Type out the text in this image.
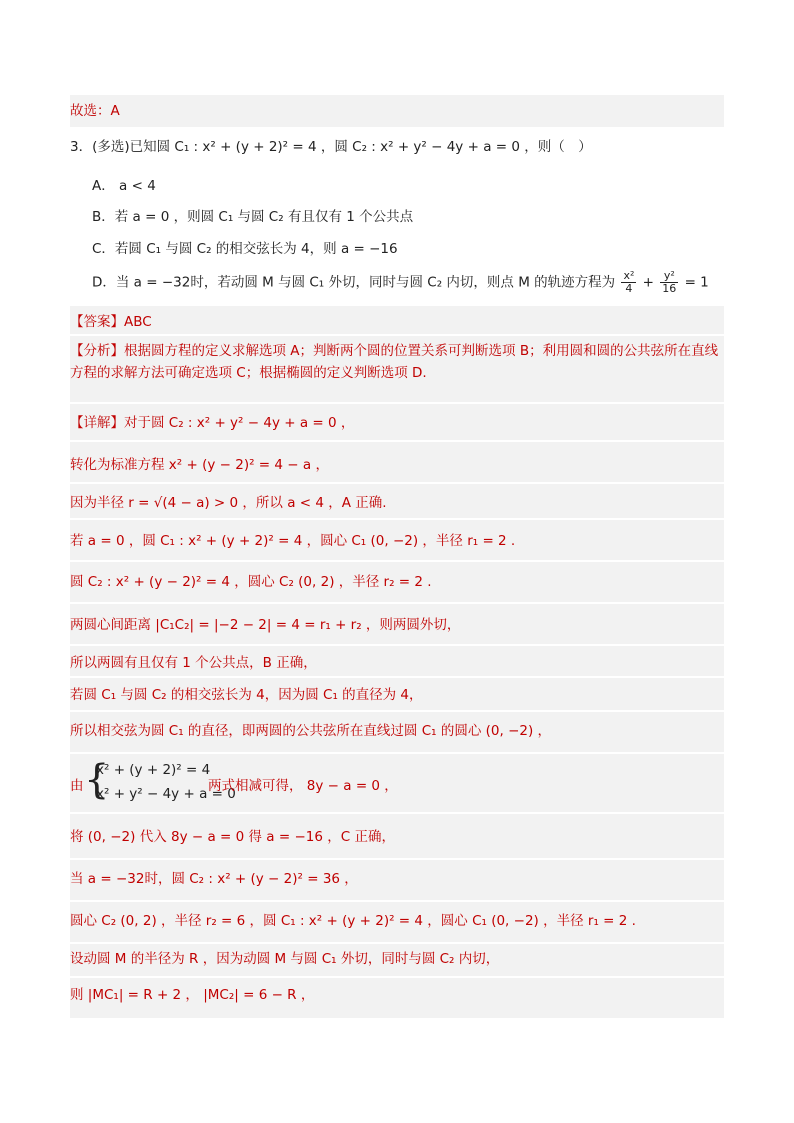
故选：A
3．(多选)已知圆 C₁ : x² + (y + 2)² = 4 ，圆 C₂ : x² + y² − 4y + a = 0 ，则（　）
A． a < 4
B．若 a = 0 ，则圆 C₁ 与圆 C₂ 有且仅有 1 个公共点
C．若圆 C₁ 与圆 C₂ 的相交弦长为 4，则 a = −16
D．当 a = −32时，若动圆 M 与圆 C₁ 外切，同时与圆 C₂ 内切，则点 M 的轨迹方程为 $\frac{\text{x²}}{4} + \frac{\text{y²}}{16} = 1$
【答案】ABC
【分析】根据圆方程的定义求解选项 A；判断两个圆的位置关系可判断选项 B；利用圆和圆的公共弦所在直线方程的求解方法可确定选项 C；根据椭圆的定义判断选项 D.
【详解】对于圆 C₂ : x² + y² − 4y + a = 0 ，
转化为标准方程 x² + (y − 2)² = 4 − a ，
因为半径 r = √(4 − a) > 0 ，所以 a < 4 ，A 正确.
若 a = 0 ，圆 C₁ : x² + (y + 2)² = 4 ，圆心 C₁ (0, −2) ，半径 r₁ = 2 .
圆 C₂ : x² + (y − 2)² = 4 ，圆心 C₂ (0, 2) ，半径 r₂ = 2 .
两圆心间距离 |C₁C₂| = |−2 − 2| = 4 = r₁ + r₂ ，则两圆外切，
所以两圆有且仅有 1 个公共点，B 正确，
若圆 C₁ 与圆 C₂ 的相交弦长为 4，因为圆 C₁ 的直径为 4，
所以相交弦为圆 C₁ 的直径，即两圆的公共弦所在直线过圆 C₁ 的圆心 (0, −2) ，
由 {
x² + (y + 2)² = 4
x² + y² − 4y + a = 0
两式相减可得， 8y − a = 0 ，
将 (0, −2) 代入 8y − a = 0 得 a = −16 ，C 正确，
当 a = −32时，圆 C₂ : x² + (y − 2)² = 36 ，
圆心 C₂ (0, 2) ，半径 r₂ = 6 ，圆 C₁ : x² + (y + 2)² = 4 ，圆心 C₁ (0, −2) ，半径 r₁ = 2 .
设动圆 M 的半径为 R ，因为动圆 M 与圆 C₁ 外切，同时与圆 C₂ 内切，
则 |MC₁| = R + 2 ， |MC₂| = 6 − R ，
